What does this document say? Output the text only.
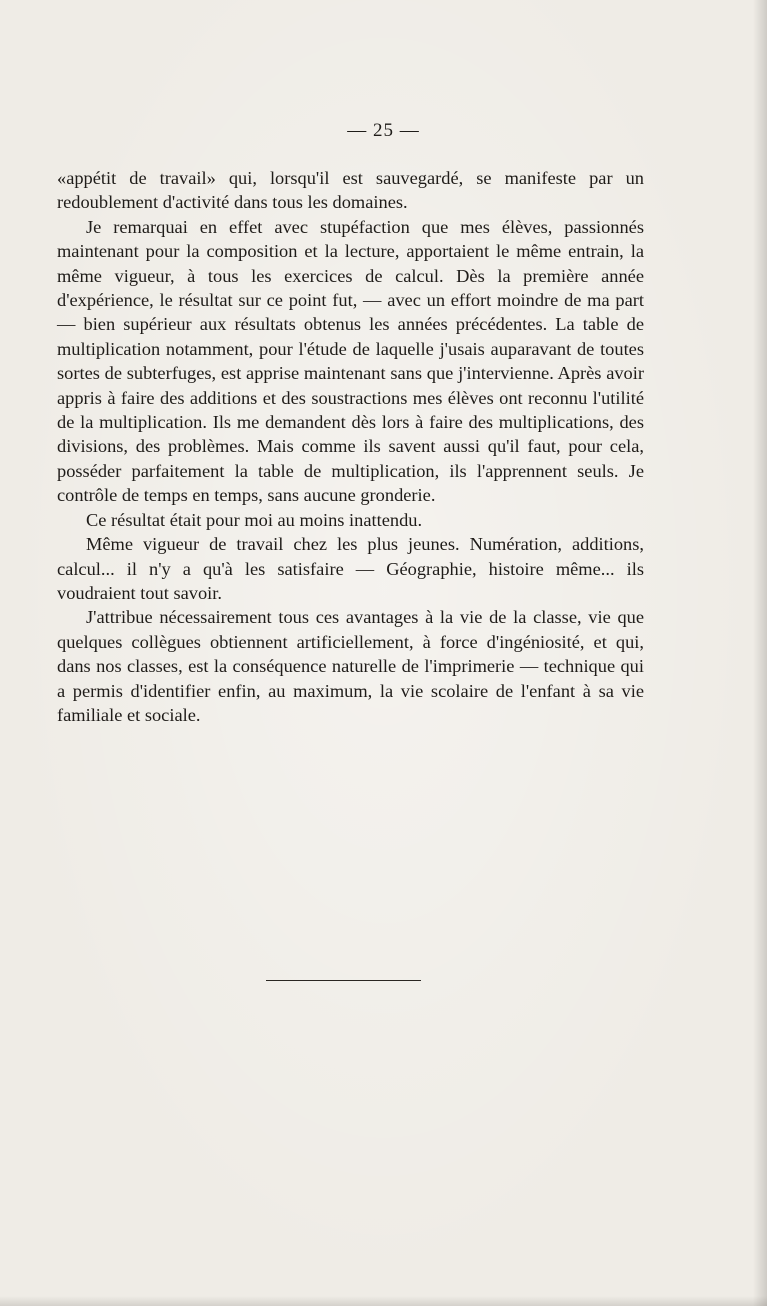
— 25 —

«appétit de travail» qui, lorsqu'il est sauvegardé, se manifeste par un redoublement d'activité dans tous les domaines.

Je remarquai en effet avec stupéfaction que mes élèves, passionnés maintenant pour la composition et la lecture, apportaient le même entrain, la même vigueur, à tous les exercices de calcul. Dès la première année d'expérience, le résultat sur ce point fut, — avec un effort moindre de ma part — bien supérieur aux résultats obtenus les années précédentes. La table de multiplication notamment, pour l'étude de laquelle j'usais auparavant de toutes sortes de subterfuges, est apprise maintenant sans que j'intervienne. Après avoir appris à faire des additions et des soustractions mes élèves ont reconnu l'utilité de la multiplication. Ils me demandent dès lors à faire des multiplications, des divisions, des problèmes. Mais comme ils savent aussi qu'il faut, pour cela, posséder parfaitement la table de multiplication, ils l'apprennent seuls. Je contrôle de temps en temps, sans aucune gronderie.

Ce résultat était pour moi au moins inattendu.

Même vigueur de travail chez les plus jeunes. Numération, additions, calcul... il n'y a qu'à les satisfaire — Géographie, histoire même... ils voudraient tout savoir.

J'attribue nécessairement tous ces avantages à la vie de la classe, vie que quelques collègues obtiennent artificiellement, à force d'ingéniosité, et qui, dans nos classes, est la conséquence naturelle de l'imprimerie — technique qui a permis d'identifier enfin, au maximum, la vie scolaire de l'enfant à sa vie familiale et sociale.
